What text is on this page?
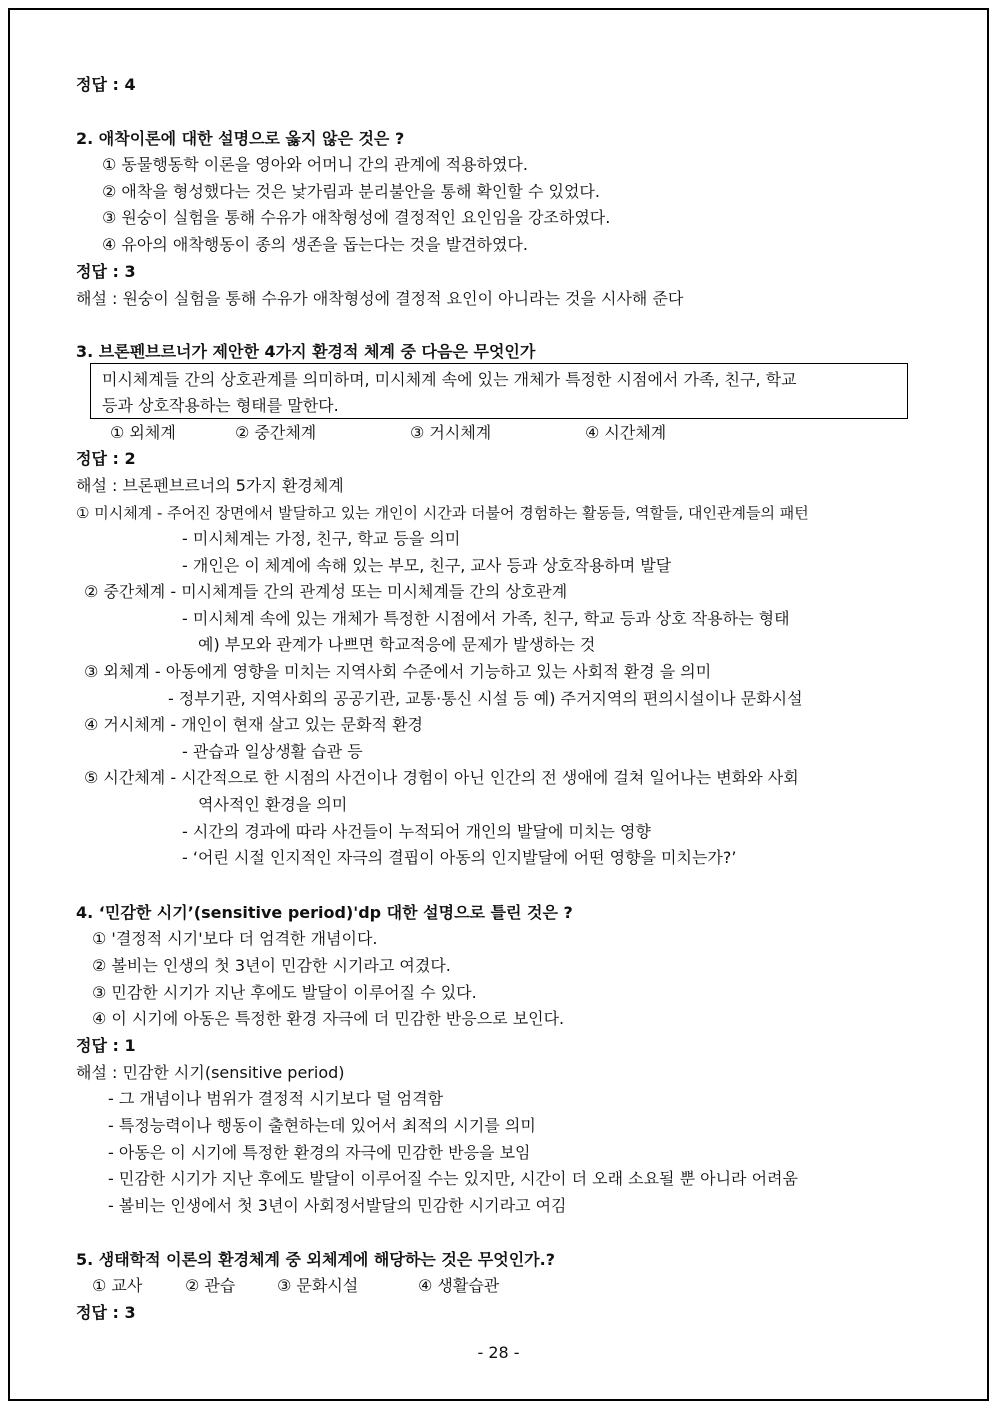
정답 : 4
2. 애착이론에 대한 설명으로 옳지 않은 것은 ?
① 동물행동학 이론을 영아와 어머니 간의 관계에 적용하였다.
② 애착을 형성했다는 것은 낯가림과 분리불안을 통해 확인할 수 있었다.
③ 원숭이 실험을 통해 수유가 애착형성에 결정적인 요인임을 강조하였다.
④ 유아의 애착행동이 종의 생존을 돕는다는 것을 발견하였다.
정답 : 3
해설 : 원숭이 실험을 통해 수유가 애착형성에 결정적 요인이 아니라는 것을 시사해 준다
3. 브론펜브르너가 제안한 4가지 환경적 체계 중 다음은 무엇인가
미시체계들 간의 상호관계를 의미하며, 미시체계 속에 있는 개체가 특정한 시점에서 가족, 친구, 학교
등과 상호작용하는 형태를 말한다.
① 외체계	② 중간체계	③ 거시체계	④ 시간체계
정답 : 2
해설 : 브론펜브르너의 5가지 환경체계
① 미시체계 - 주어진 장면에서 발달하고 있는 개인이 시간과 더불어 경험하는 활동들, 역할들, 대인관계들의 패턴
- 미시체계는 가정, 친구, 학교 등을 의미
- 개인은 이 체계에 속해 있는 부모, 친구, 교사 등과 상호작용하며 발달
② 중간체계 - 미시체계들 간의 관계성 또는 미시체계들 간의 상호관계
- 미시체계 속에 있는 개체가 특정한 시점에서 가족, 친구, 학교 등과 상호 작용하는 형태
예) 부모와 관계가 나쁘면 학교적응에 문제가 발생하는 것
③ 외체계 - 아동에게 영향을 미치는 지역사회 수준에서 기능하고 있는 사회적 환경 을 의미
- 정부기관, 지역사회의 공공기관, 교통·통신 시설 등 예) 주거지역의 편의시설이나 문화시설
④ 거시체계 - 개인이 현재 살고 있는 문화적 환경
- 관습과 일상생활 습관 등
⑤ 시간체계 - 시간적으로 한 시점의 사건이나 경험이 아닌 인간의 전 생애에 걸쳐 일어나는 변화와 사회
역사적인 환경을 의미
- 시간의 경과에 따라 사건들이 누적되어 개인의 발달에 미치는 영향
- ‘어린 시절 인지적인 자극의 결핍이 아동의 인지발달에 어떤 영향을 미치는가?’
4. ‘민감한 시기’(sensitive period)'dp 대한 설명으로 틀린 것은 ?
① '결정적 시기'보다 더 엄격한 개념이다.
② 볼비는 인생의 첫 3년이 민감한 시기라고 여겼다.
③ 민감한 시기가 지난 후에도 발달이 이루어질 수 있다.
④ 이 시기에 아동은 특정한 환경 자극에 더 민감한 반응으로 보인다.
정답 : 1
해설 : 민감한 시기(sensitive period)
- 그 개념이나 범위가 결정적 시기보다 덜 엄격함
- 특정능력이나 행동이 출현하는데 있어서 최적의 시기를 의미
- 아동은 이 시기에 특정한 환경의 자극에 민감한 반응을 보임
- 민감한 시기가 지난 후에도 발달이 이루어질 수는 있지만, 시간이 더 오래 소요될 뿐 아니라 어려움
- 볼비는 인생에서 첫 3년이 사회정서발달의 민감한 시기라고 여김
5. 생태학적 이론의 환경체계 중 외체계에 해당하는 것은 무엇인가.?
① 교사	② 관습	③ 문화시설	④ 생활습관
정답 : 3
- 28 -
